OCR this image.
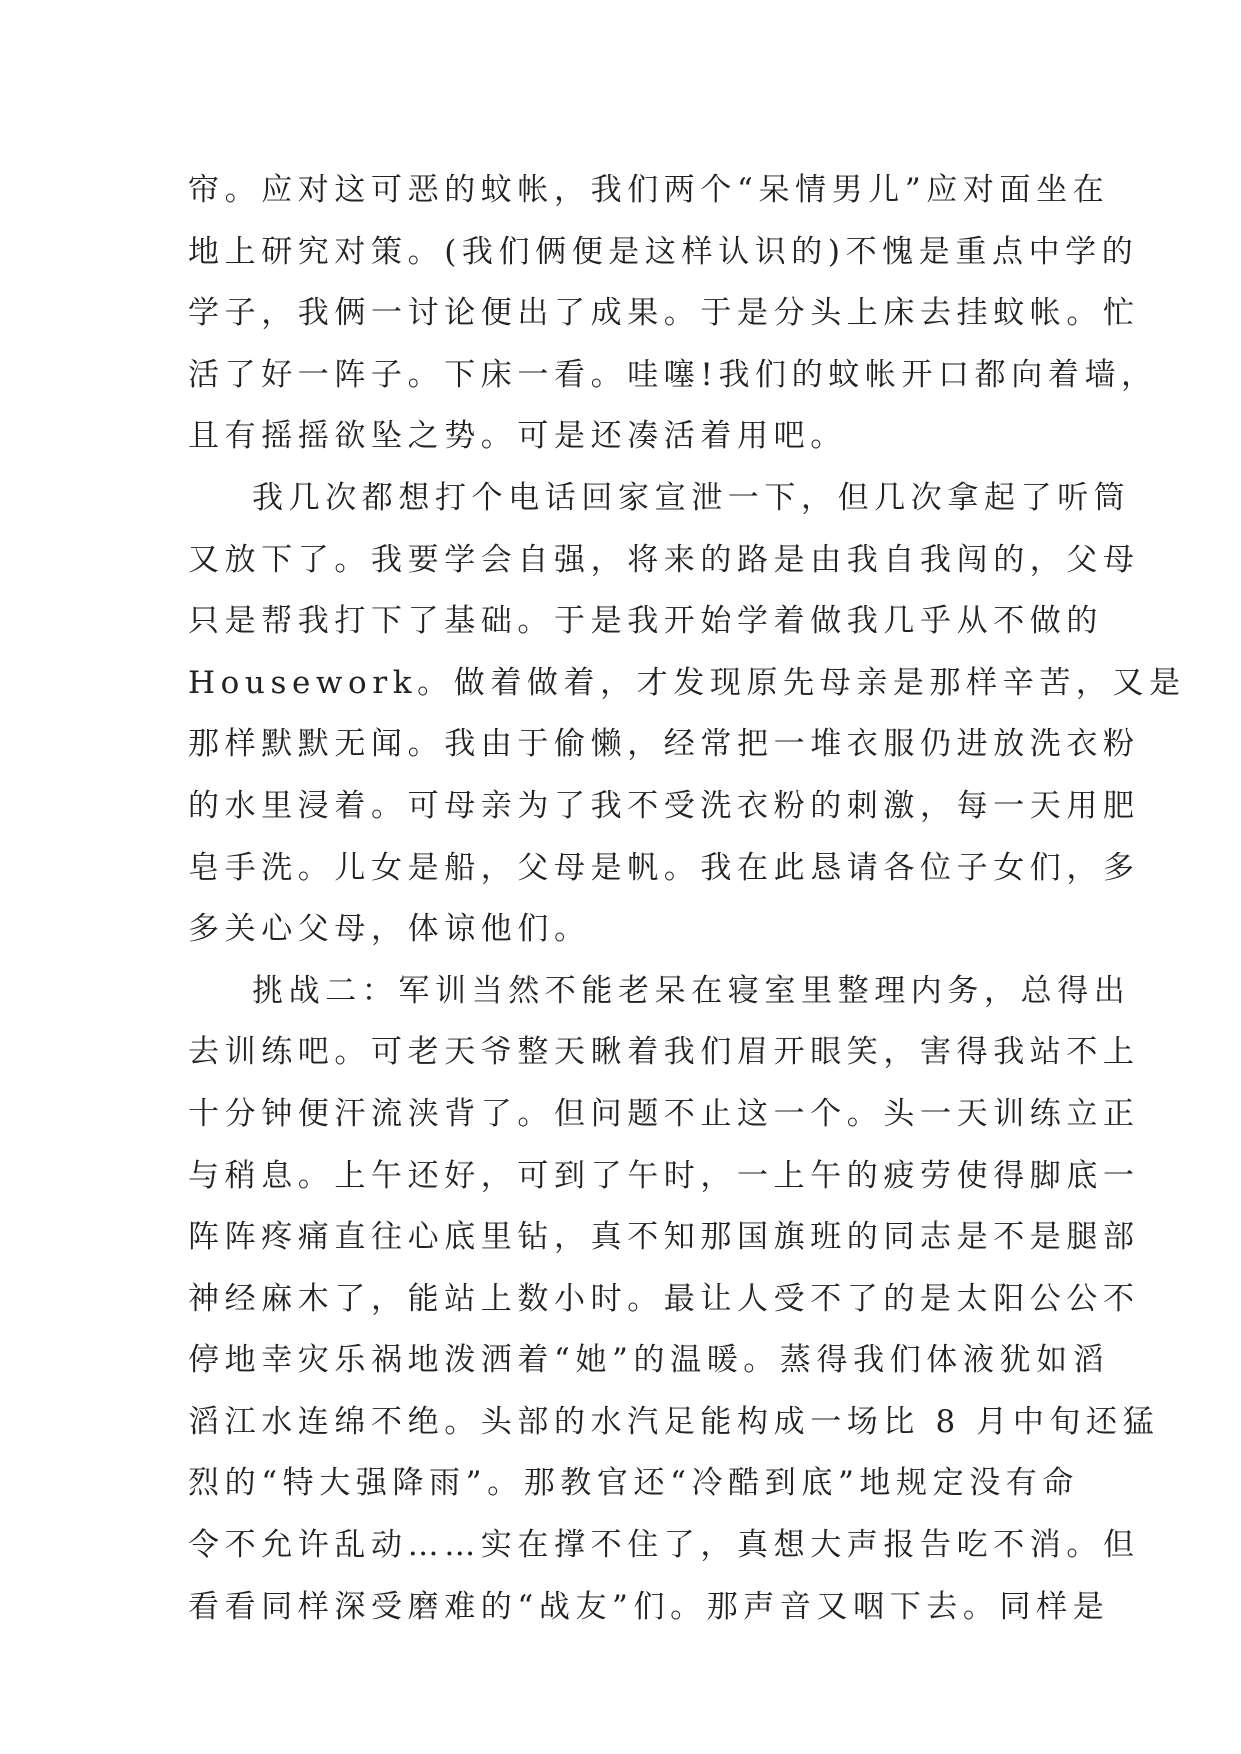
帘。应对这可恶的蚊帐，我们两个“呆情男儿”应对面坐在
地上研究对策。(我们俩便是这样认识的)不愧是重点中学的
学子，我俩一讨论便出了成果。于是分头上床去挂蚊帐。忙
活了好一阵子。下床一看。哇噻!我们的蚊帐开口都向着墙，
且有摇摇欲坠之势。可是还凑活着用吧。
我几次都想打个电话回家宣泄一下，但几次拿起了听筒
又放下了。我要学会自强，将来的路是由我自我闯的，父母
只是帮我打下了基础。于是我开始学着做我几乎从不做的
Housework。做着做着，才发现原先母亲是那样辛苦，又是
那样默默无闻。我由于偷懒，经常把一堆衣服仍进放洗衣粉
的水里浸着。可母亲为了我不受洗衣粉的刺激，每一天用肥
皂手洗。儿女是船，父母是帆。我在此恳请各位子女们，多
多关心父母，体谅他们。
挑战二：军训当然不能老呆在寝室里整理内务，总得出
去训练吧。可老天爷整天瞅着我们眉开眼笑，害得我站不上
十分钟便汗流浃背了。但问题不止这一个。头一天训练立正
与稍息。上午还好，可到了午时，一上午的疲劳使得脚底一
阵阵疼痛直往心底里钻，真不知那国旗班的同志是不是腿部
神经麻木了，能站上数小时。最让人受不了的是太阳公公不
停地幸灾乐祸地泼洒着“她”的温暖。蒸得我们体液犹如滔
滔江水连绵不绝。头部的水汽足能构成一场比 8 月中旬还猛
烈的“特大强降雨”。那教官还“冷酷到底”地规定没有命
令不允许乱动……实在撑不住了，真想大声报告吃不消。但
看看同样深受磨难的“战友”们。那声音又咽下去。同样是
